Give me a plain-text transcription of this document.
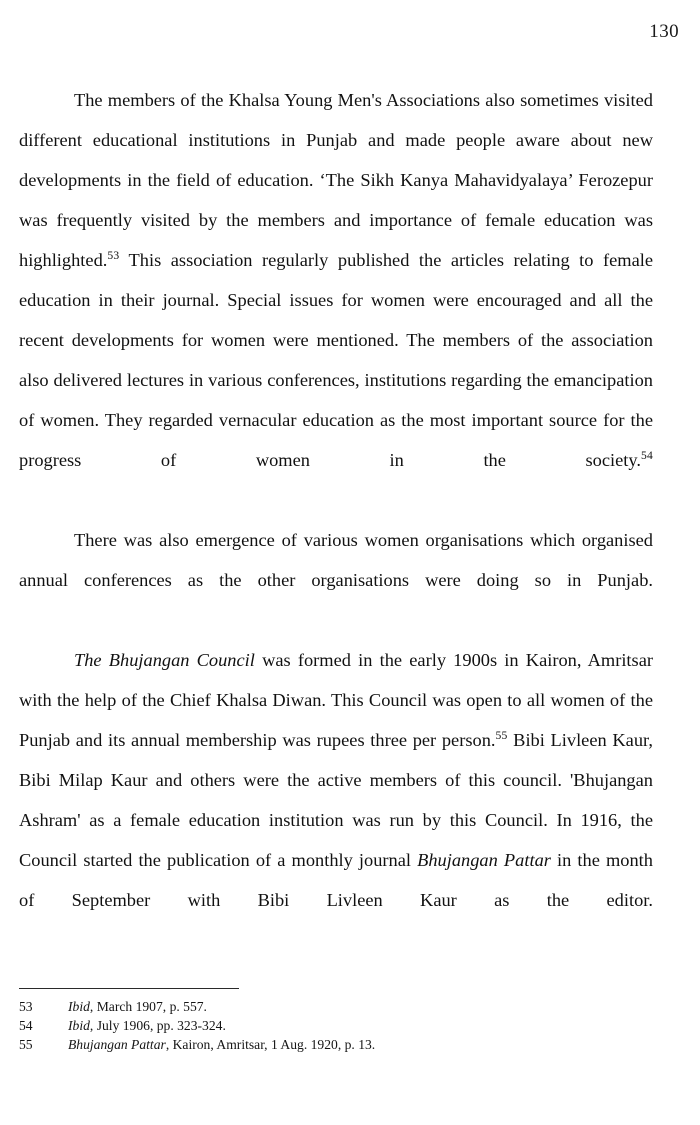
130

The members of the Khalsa Young Men's Associations also sometimes visited different educational institutions in Punjab and made people aware about new developments in the field of education. ‘The Sikh Kanya Mahavidyalaya’ Ferozepur was frequently visited by the members and importance of female education was highlighted.$^{53}$ This association regularly published the articles relating to female education in their journal. Special issues for women were encouraged and all the recent developments for women were mentioned. The members of the association also delivered lectures in various conferences, institutions regarding the emancipation of women. They regarded vernacular education as the most important source for the progress of women in the society.$^{54}$

There was also emergence of various women organisations which organised annual conferences as the other organisations were doing so in Punjab.

The Bhujangan Council was formed in the early 1900s in Kairon, Amritsar with the help of the Chief Khalsa Diwan. This Council was open to all women of the Punjab and its annual membership was rupees three per person.$^{55}$ Bibi Livleen Kaur, Bibi Milap Kaur and others were the active members of this council. 'Bhujangan Ashram' as a female education institution was run by this Council. In 1916, the Council started the publication of a monthly journal Bhujangan Pattar in the month of September with Bibi Livleen Kaur as the editor.

53	Ibid, March 1907, p. 557.
54	Ibid, July 1906, pp. 323-324.
55	Bhujangan Pattar, Kairon, Amritsar, 1 Aug. 1920, p. 13.
